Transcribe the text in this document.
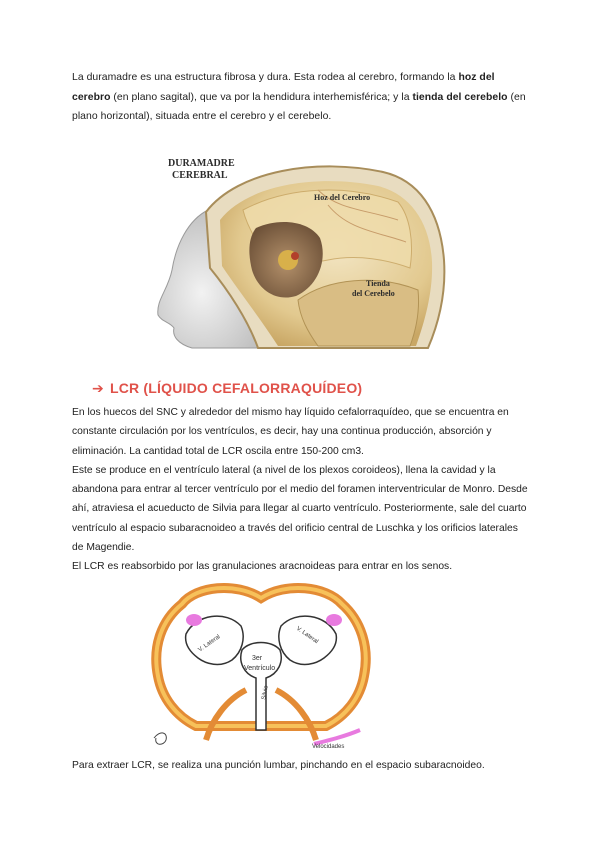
La duramadre es una estructura fibrosa y dura. Esta rodea al cerebro, formando la hoz del cerebro (en plano sagital), que va por la hendidura interhemisférica; y la tienda del cerebelo (en plano horizontal), situada entre el cerebro y el cerebelo.
DURAMADRE
CEREBRAL
Hoz del Cerebro
Tienda
del Cerebelo
➔ LCR (LÍQUIDO CEFALORRAQUÍDEO)

En los huecos del SNC y alrededor del mismo hay líquido cefalorraquídeo, que se encuentra en constante circulación por los ventrículos, es decir, hay una continua producción, absorción y eliminación. La cantidad total de LCR oscila entre 150-200 cm3.

Este se produce en el ventrículo lateral (a nivel de los plexos coroideos), llena la cavidad y la abandona para entrar al tercer ventrículo por el medio del foramen interventricular de Monro. Desde ahí, atraviesa el acueducto de Silvia para llegar al cuarto ventrículo. Posteriormente, sale del cuarto ventrículo al espacio subaracnoideo a través del orificio central de Luschka y los orificios laterales de Magendie.

El LCR es reabsorbido por las granulaciones aracnoideas para entrar en los senos.

3er
Ventrículo
V. Lateral	V. Lateral
Silvio
Velocidades
Para extraer LCR, se realiza una punción lumbar, pinchando en el espacio subaracnoideo.
